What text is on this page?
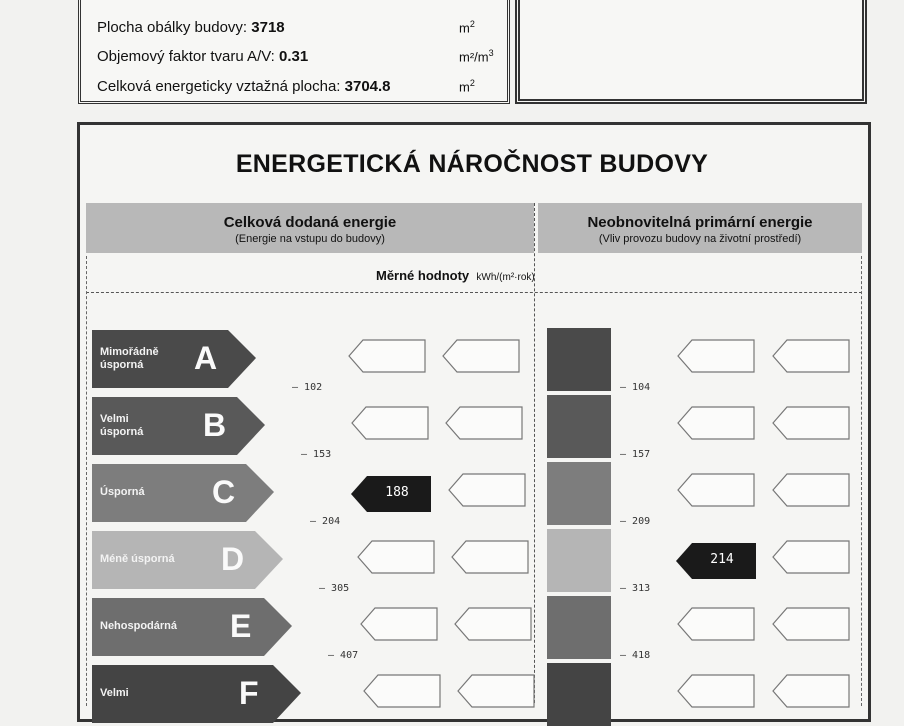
Plocha obálky budovy: 3718	$m^2$
Objemový faktor tvaru A/V: 0.31	$m^2/m^3$
Celková energeticky vztažná plocha: 3704.8	$m^2$
ENERGETICKÁ NÁROČNOST BUDOVY
Celková dodaná energie
(Energie na vstupu do budovy)
Neobnovitelná primární energie
(Vliv provozu budovy na životní prostředí)
Měrné hodnoty kWh/(m²·rok)
Mimořádně
úsporná	A
— 102	— 104
Velmi
úsporná B
— 153	— 157
Úsporná C
— 204	— 209
188
Méně úsporná D
— 305	— 313
214
Nehospodárná E
— 407	— 418
Velmi	F
